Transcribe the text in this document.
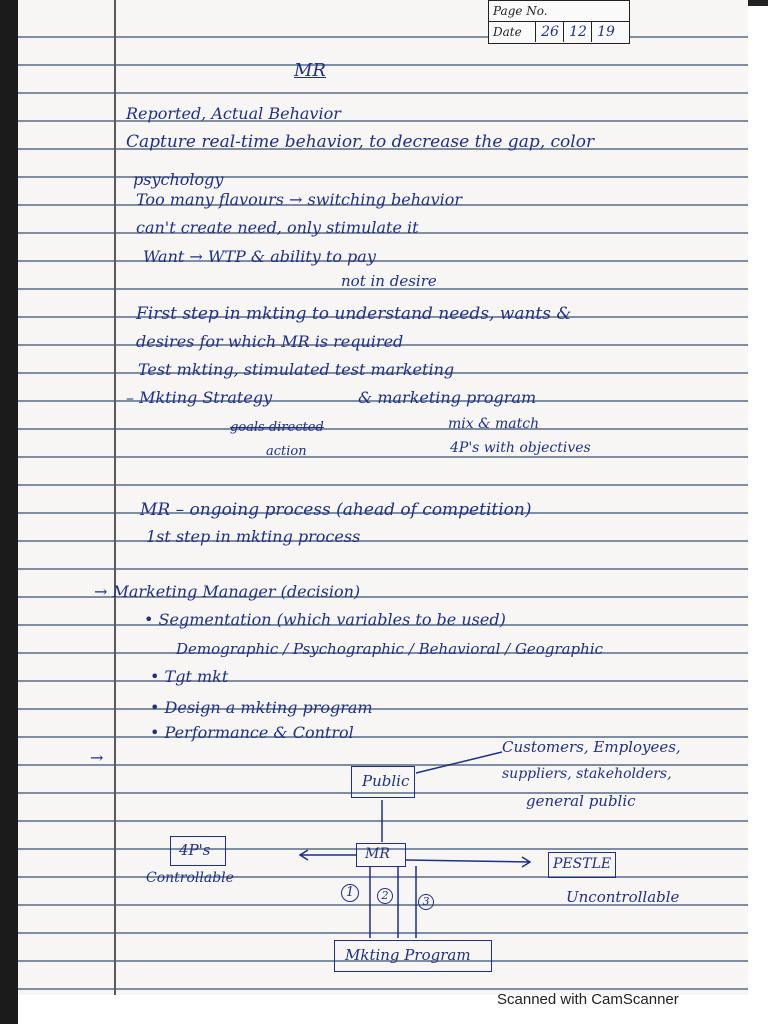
Page No.
Date	26 12 19
MR
Reported, Actual Behavior
Capture real-time behavior, to decrease the gap, color
psychology
Too many flavours → switching behavior
can't create need, only stimulate it
Want → WTP & ability to pay
not in desire
First step in mkting to understand needs, wants &
desires for which MR is required
Test mkting, stimulated test marketing
– Mkting Strategy	& marketing program
goals directed	mix & match
action	4P's with objectives
MR – ongoing process (ahead of competition)
1st step in mkting process
→ Marketing Manager (decision)
• Segmentation (which variables to be used)
Demographic / Psychographic / Behavioral / Geographic
• Tgt mkt
• Design a mkting program
• Performance & Control
→
Public
Customers, Employees,
suppliers, stakeholders,
general public
4P's
Controllable
MR
PESTLE
Uncontrollable
1	2	3
Mkting Program
Scanned with CamScanner
